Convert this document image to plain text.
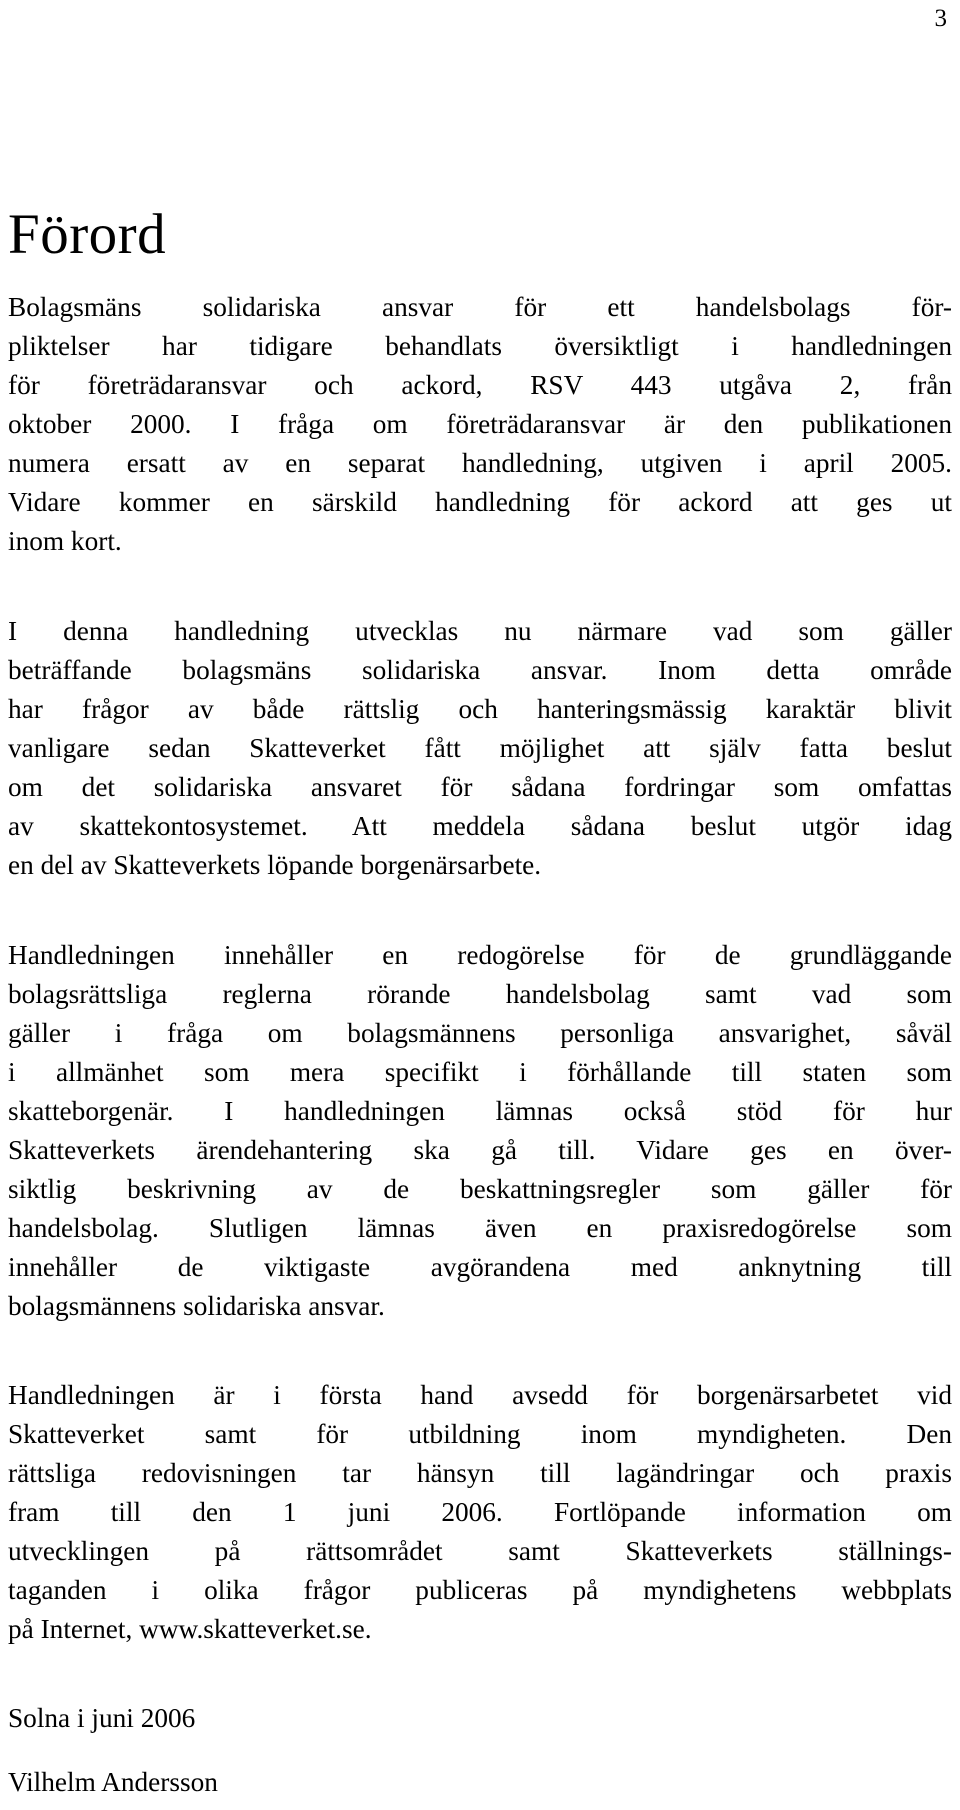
3
Förord
Bolagsmäns solidariska ansvar för ett handelsbolags för-
pliktelser har tidigare behandlats översiktligt i handledningen
för företrädaransvar och ackord, RSV 443 utgåva 2, från
oktober 2000. I fråga om företrädaransvar är den publikationen
numera ersatt av en separat handledning, utgiven i april 2005.
Vidare kommer en särskild handledning för ackord att ges ut
inom kort.
I denna handledning utvecklas nu närmare vad som gäller
beträffande bolagsmäns solidariska ansvar. Inom detta område
har frågor av både rättslig och hanteringsmässig karaktär blivit
vanligare sedan Skatteverket fått möjlighet att själv fatta beslut
om det solidariska ansvaret för sådana fordringar som omfattas
av skattekontosystemet. Att meddela sådana beslut utgör idag
en del av Skatteverkets löpande borgenärsarbete.
Handledningen innehåller en redogörelse för de grundläggande
bolagsrättsliga reglerna rörande handelsbolag samt vad som
gäller i fråga om bolagsmännens personliga ansvarighet, såväl
i allmänhet som mera specifikt i förhållande till staten som
skatteborgenär. I handledningen lämnas också stöd för hur
Skatteverkets ärendehantering ska gå till. Vidare ges en över-
siktlig beskrivning av de beskattningsregler som gäller för
handelsbolag. Slutligen lämnas även en praxisredogörelse som
innehåller de viktigaste avgörandena med anknytning till
bolagsmännens solidariska ansvar.
Handledningen är i första hand avsedd för borgenärsarbetet vid
Skatteverket samt för utbildning inom myndigheten. Den
rättsliga redovisningen tar hänsyn till lagändringar och praxis
fram till den 1 juni 2006. Fortlöpande information om
utvecklingen på rättsområdet samt Skatteverkets ställnings-
taganden i olika frågor publiceras på myndighetens webbplats
på Internet, www.skatteverket.se.
Solna i juni 2006
Vilhelm Andersson
